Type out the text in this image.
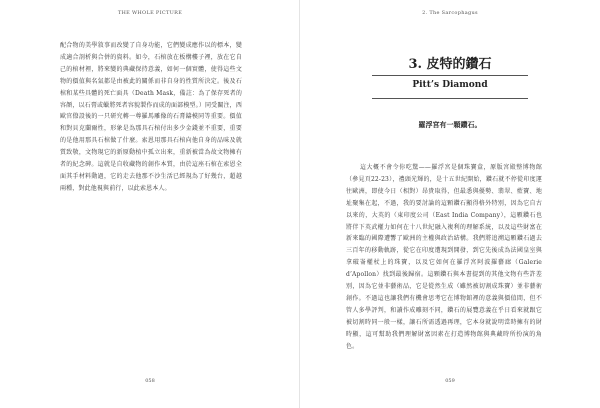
THE WHOLE PICTURE

配合物的美學敘事而改變了自身功能，它們變成應作以的標本，變成適合剖析與合併的資料。如今，石棺放在板構樓子裡，放在它自己的棺材裡，將來變的典藏保持意義，如何一個實體，使得這些文物的價值與名氣都是由被此的關係而非自身的性質所決定。後及石棺和某些具體的死亡面具（Death Mask，備註：為了保存死者的容顏，以石膏或蠟將死者容貌製作而成的面部模型。）同受關注，西歐官僚設後的一只研究轉一尊羅馬雕像的石膏鑄模同等重要。價值和對貝克蘭爾性，形象是為那具石棺付出多少金錢並不重要，重要的是他用那具石棺做了什麼。索恩用那具石棺向他自身的品味及就質致敬，文物現它的新原動植中孤立出來，重新被當為故文物擁有者的紀念碑。這就是自收藏物的創作本質，由於這座石棺在索恩全面其手材料動過，它的走去他那不沙生活已經規為了好幾台，超越兩種，對此他視與前行，以此索恩本人。

058
2. The Sarcophagus
3. 皮特的鑽石
Pitt’s Diamond
羅浮宮有一顆鑽石。

這大概不會令你吃驚——羅浮宮是個珠寶盒，原版宮殿整博物館（參見頁22-23），禮頭光輝的，是十五世紀開始，鑽石就不停從印度運往歐洲，即使今日（相對）昂貴取得，但最悉與優勢、翡翠、藍寶、地址聚集在起，不過，我的要討論的這顆鑽石顯得格外特別，因為它自古以來的，大英的（東印度公司（East India Company），這顆鑽石也將伴下英武權力如何在十八世紀融入複利的理解系統，以及這些財富在新來臨的國際遭響了歐洲的主權與政治結構。我們將追溯這顆鑽石過去三百年的移動軌跡，從它在印度遭現到開發，到它先後成為法國皇室與拿破崙權杖上的珠寶，以及它如何在羅浮宮阿波羅藝廊（Galerie d’Apollon）找到最後歸宿。這顆鑽石與本書提到的其他文物有些許差別，因為它並非藝術品，它是從然生成（雖然被切割成珠寶）並非藝術創作。不過這也讓我們有機會思考它在博物館裡的意義與價值間，但不管人多學評判，和讀作成雕刻不同，鑽石的展覽意義在乎日看來就跟它被切割時同一般一樣，讓石所需透過再理，它本身就說明當時擁有的財時顯，這可幫助我們理解財富因素在打造博物館與典藏時所扮演的角色。

059
